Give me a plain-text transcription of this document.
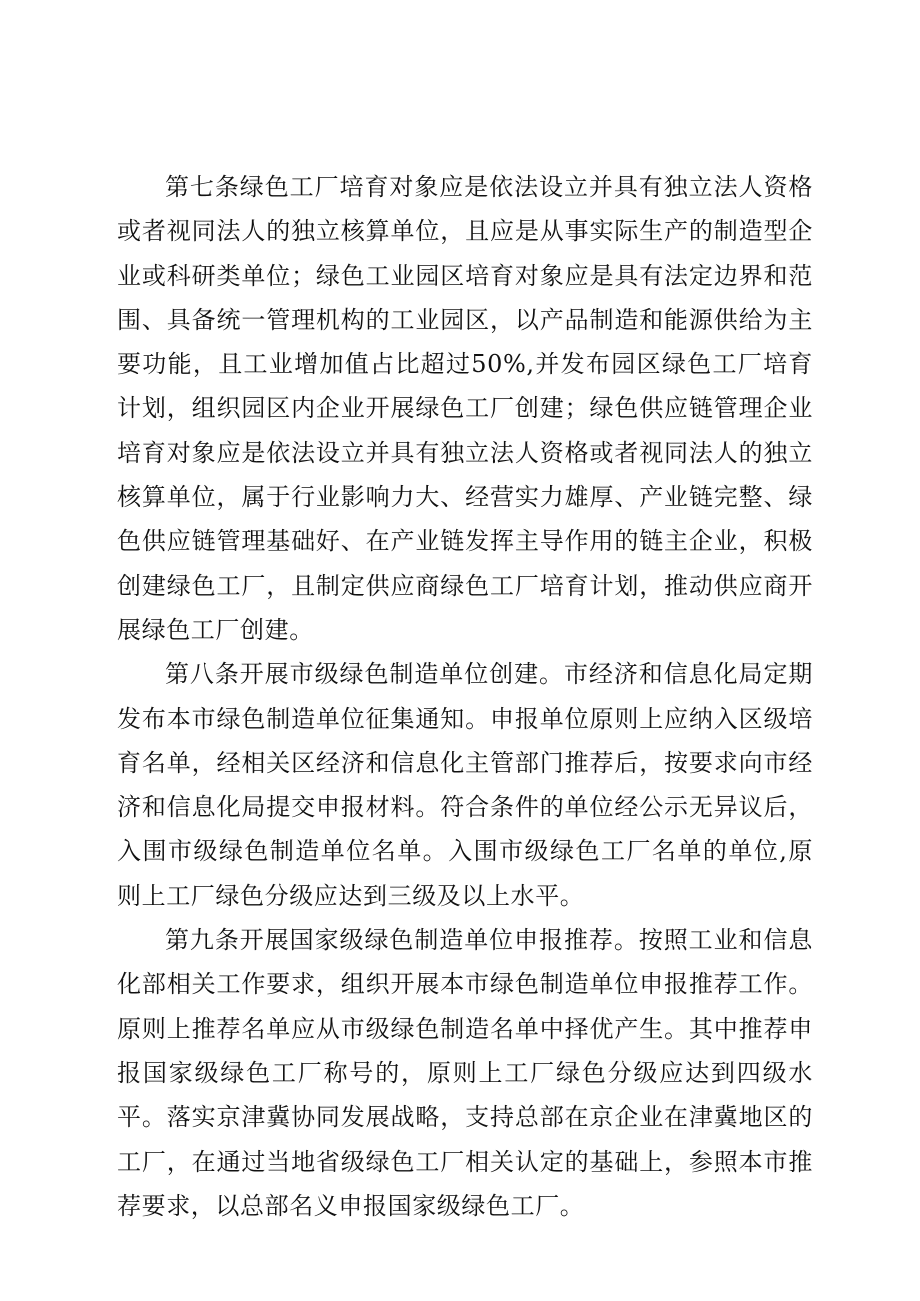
第七条绿色工厂培育对象应是依法设立并具有独立法人资格或者视同法人的独立核算单位，且应是从事实际生产的制造型企业或科研类单位；绿色工业园区培育对象应是具有法定边界和范围、具备统一管理机构的工业园区，以产品制造和能源供给为主要功能，且工业增加值占比超过50%,并发布园区绿色工厂培育计划，组织园区内企业开展绿色工厂创建；绿色供应链管理企业培育对象应是依法设立并具有独立法人资格或者视同法人的独立核算单位，属于行业影响力大、经营实力雄厚、产业链完整、绿色供应链管理基础好、在产业链发挥主导作用的链主企业，积极创建绿色工厂，且制定供应商绿色工厂培育计划，推动供应商开展绿色工厂创建。

第八条开展市级绿色制造单位创建。市经济和信息化局定期发布本市绿色制造单位征集通知。申报单位原则上应纳入区级培育名单，经相关区经济和信息化主管部门推荐后，按要求向市经济和信息化局提交申报材料。符合条件的单位经公示无异议后，入围市级绿色制造单位名单。入围市级绿色工厂名单的单位,原则上工厂绿色分级应达到三级及以上水平。

第九条开展国家级绿色制造单位申报推荐。按照工业和信息化部相关工作要求，组织开展本市绿色制造单位申报推荐工作。原则上推荐名单应从市级绿色制造名单中择优产生。其中推荐申报国家级绿色工厂称号的，原则上工厂绿色分级应达到四级水平。落实京津冀协同发展战略，支持总部在京企业在津冀地区的工厂，在通过当地省级绿色工厂相关认定的基础上，参照本市推荐要求，以总部名义申报国家级绿色工厂。
